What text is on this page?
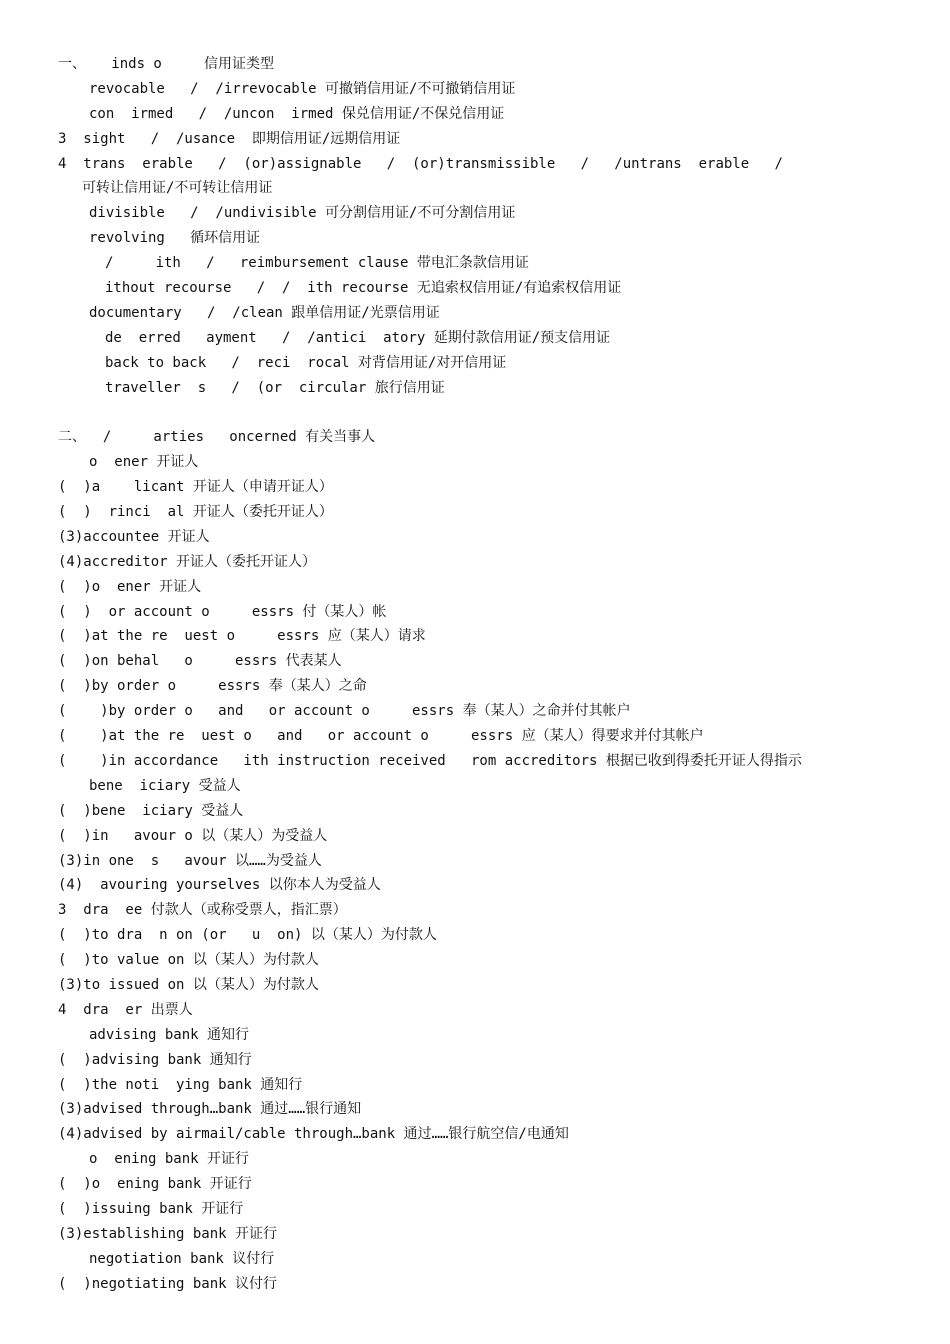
一、   inds o     信用证类型
revocable   /  /irrevocable 可撤销信用证/不可撤销信用证
con  irmed   /  /uncon  irmed 保兑信用证/不保兑信用证
3  sight   /  /usance  即期信用证/远期信用证
4  trans  erable   /  (or)assignable   /  (or)transmissible   /   /untrans  erable   /
可转让信用证/不可转让信用证
divisible   /  /undivisible 可分割信用证/不可分割信用证
revolving   循环信用证
/     ith   /   reimbursement clause 带电汇条款信用证
ithout recourse   /  /  ith recourse 无追索权信用证/有追索权信用证
documentary   /  /clean 跟单信用证/光票信用证
de  erred   ayment   /  /antici  atory 延期付款信用证/预支信用证
back to back   /  reci  rocal 对背信用证/对开信用证
traveller  s   /  (or  circular 旅行信用证
二、  /     arties   oncerned 有关当事人
o  ener 开证人
(  )a    licant 开证人（申请开证人）
(  )  rinci  al 开证人（委托开证人）
(3)accountee 开证人
(4)accreditor 开证人（委托开证人）
(  )o  ener 开证人
(  )  or account o     essrs 付（某人）帐
(  )at the re  uest o     essrs 应（某人）请求
(  )on behal   o     essrs 代表某人
(  )by order o     essrs 奉（某人）之命
(    )by order o   and   or account o     essrs 奉（某人）之命并付其帐户
(    )at the re  uest o   and   or account o     essrs 应（某人）得要求并付其帐户
(    )in accordance   ith instruction received   rom accreditors 根据已收到得委托开证人得指示
bene  iciary 受益人
(  )bene  iciary 受益人
(  )in   avour o 以（某人）为受益人
(3)in one  s   avour 以……为受益人
(4)  avouring yourselves 以你本人为受益人
3  dra  ee 付款人（或称受票人，指汇票）
(  )to dra  n on (or   u  on) 以（某人）为付款人
(  )to value on 以（某人）为付款人
(3)to issued on 以（某人）为付款人
4  dra  er 出票人
advising bank 通知行
(  )advising bank 通知行
(  )the noti  ying bank 通知行
(3)advised through…bank 通过……银行通知
(4)advised by airmail/cable through…bank 通过……银行航空信/电通知
o  ening bank 开证行
(  )o  ening bank 开证行
(  )issuing bank 开证行
(3)establishing bank 开证行
negotiation bank 议付行
(  )negotiating bank 议付行
